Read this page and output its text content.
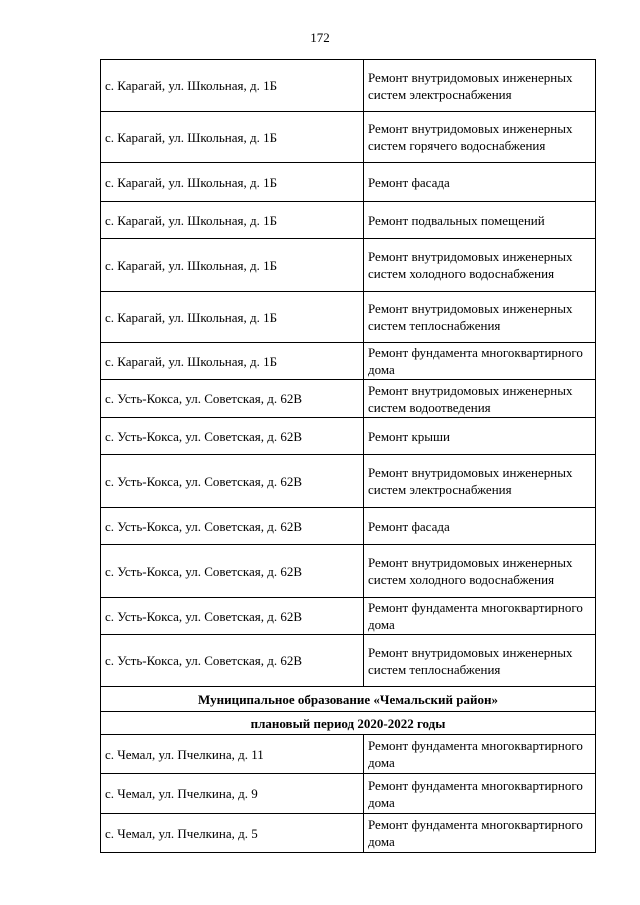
172
с. Карагай, ул. Школьная, д. 1Б	Ремонт внутридомовых инженерных систем электроснабжения
с. Карагай, ул. Школьная, д. 1Б	Ремонт внутридомовых инженерных систем горячего водоснабжения
с. Карагай, ул. Школьная, д. 1Б	Ремонт фасада
с. Карагай, ул. Школьная, д. 1Б	Ремонт подвальных помещений
с. Карагай, ул. Школьная, д. 1Б	Ремонт внутридомовых инженерных систем холодного водоснабжения
с. Карагай, ул. Школьная, д. 1Б	Ремонт внутридомовых инженерных систем теплоснабжения
с. Карагай, ул. Школьная, д. 1Б	Ремонт фундамента многоквартирного дома
с. Усть-Кокса, ул. Советская, д. 62В	Ремонт внутридомовых инженерных систем водоотведения
с. Усть-Кокса, ул. Советская, д. 62В	Ремонт крыши
с. Усть-Кокса, ул. Советская, д. 62В	Ремонт внутридомовых инженерных систем электроснабжения
с. Усть-Кокса, ул. Советская, д. 62В	Ремонт фасада
с. Усть-Кокса, ул. Советская, д. 62В	Ремонт внутридомовых инженерных систем холодного водоснабжения
с. Усть-Кокса, ул. Советская, д. 62В	Ремонт фундамента многоквартирного дома
с. Усть-Кокса, ул. Советская, д. 62В	Ремонт внутридомовых инженерных систем теплоснабжения
Муниципальное образование «Чемальский район»	
плановый период 2020-2022 годы	
с. Чемал, ул. Пчелкина, д. 11	Ремонт фундамента многоквартирного дома
с. Чемал, ул. Пчелкина, д. 9	Ремонт фундамента многоквартирного дома
с. Чемал, ул. Пчелкина, д. 5	Ремонт фундамента многоквартирного дома
